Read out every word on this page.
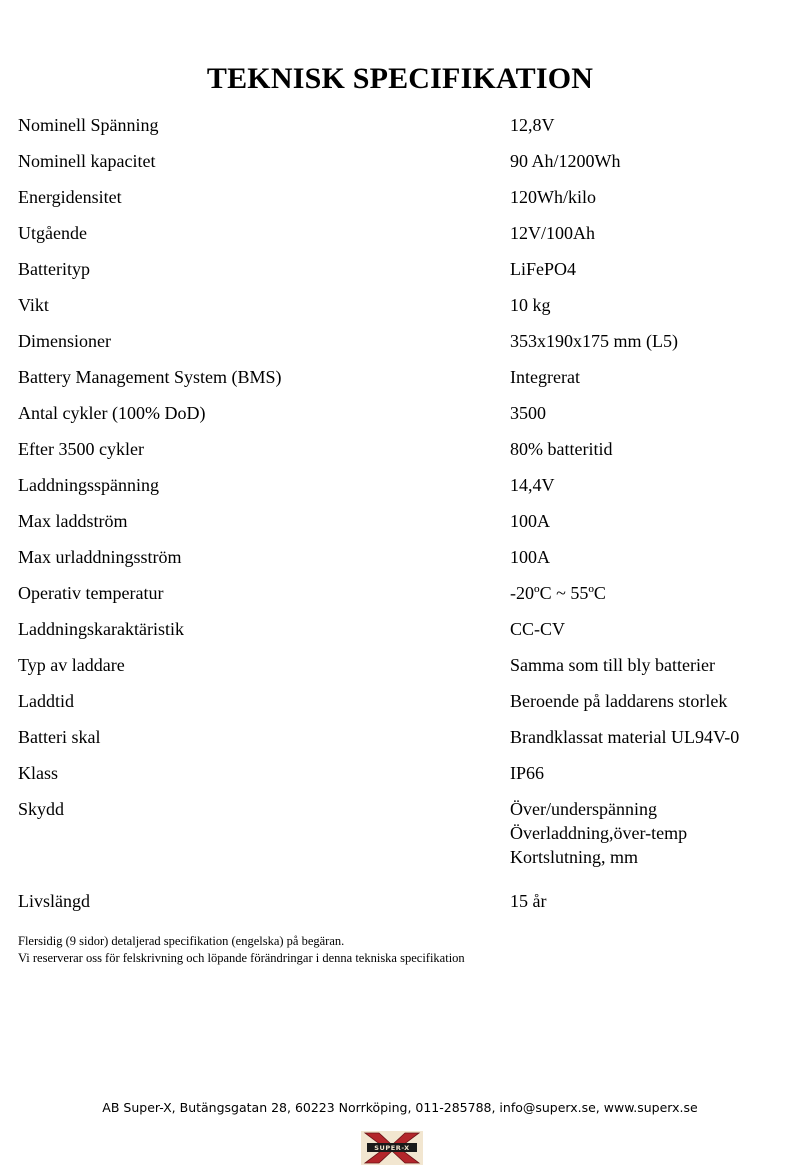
TEKNISK SPECIFIKATION
Nominell Spänning	12,8V
Nominell kapacitet	90 Ah/1200Wh
Energidensitet	120Wh/kilo
Utgående	12V/100Ah
Batterityp	LiFePO4
Vikt	10 kg
Dimensioner	353x190x175 mm (L5)
Battery Management System (BMS)	Integrerat
Antal cykler (100% DoD)	3500
Efter 3500 cykler	80% batteritid
Laddningsspänning	14,4V
Max laddström	100A
Max urladdningsström	100A
Operativ temperatur	-20ºC ~ 55ºC
Laddningskaraktäristik	CC-CV
Typ av laddare	Samma som till bly batterier
Laddtid	Beroende på laddarens storlek
Batteri skal	Brandklassat material UL94V-0
Klass	IP66
Skydd	Över/underspänning
Överladdning,över-temp
Kortslutning, mm
Livslängd	15 år
Flersidig (9 sidor) detaljerad specifikation (engelska) på begäran.
Vi reserverar oss för felskrivning och löpande förändringar i denna tekniska specifikation
AB Super-X, Butängsgatan 28, 60223 Norrköping, 011-285788, info@superx.se, www.superx.se
SUPER-X
